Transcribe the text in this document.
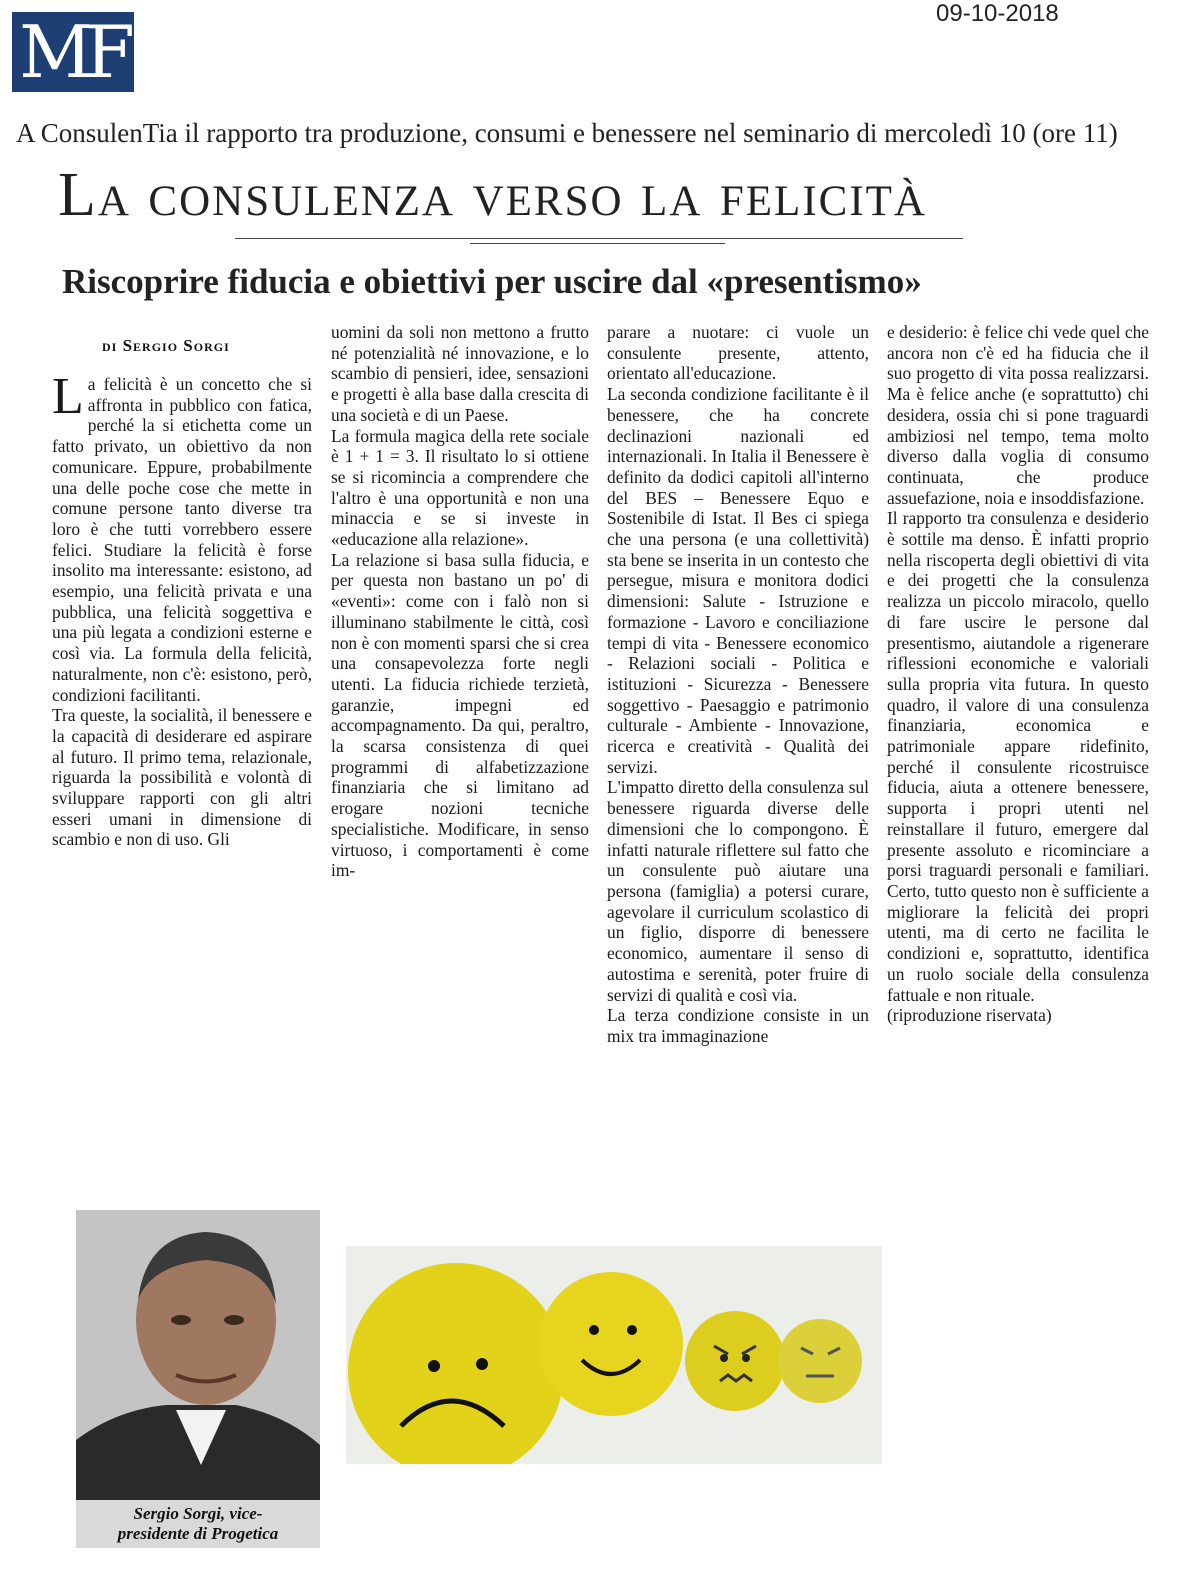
MF	09-10-2018
A ConsulenTia il rapporto tra produzione, consumi e benessere nel seminario di mercoledì 10 (ore 11)
La consulenza verso la felicità
Riscoprire fiducia e obiettivi per uscire dal «presentismo»
di Sergio Sorgi

La felicità è un concetto che si affronta in pubblico con fatica, perché la si etichetta come un fatto privato, un obiettivo da non comunicare. Eppure, probabilmente una delle poche cose che mette in comune persone tanto diverse tra loro è che tutti vorrebbero essere felici. Studiare la felicità è forse insolito ma interessante: esistono, ad esempio, una felicità privata e una pubblica, una felicità soggettiva e una più legata a condizioni esterne e così via. La formula della felicità, naturalmente, non c'è: esistono, però, condizioni facilitanti.

Tra queste, la socialità, il benessere e la capacità di desiderare ed aspirare al futuro. Il primo tema, relazionale, riguarda la possibilità e volontà di sviluppare rapporti con gli altri esseri umani in dimensione di scambio e non di uso. Gli

uomini da soli non mettono a frutto né potenzialità né innovazione, e lo scambio di pensieri, idee, sensazioni e progetti è alla base dalla crescita di una società e di un Paese.

La formula magica della rete sociale è 1 + 1 = 3. Il risultato lo si ottiene se si ricomincia a comprendere che l'altro è una opportunità e non una minaccia e se si investe in «educazione alla relazione».

La relazione si basa sulla fiducia, e per questa non bastano un po' di «eventi»: come con i falò non si illuminano stabilmente le città, così non è con momenti sparsi che si crea una consapevolezza forte negli utenti. La fiducia richiede terzietà, garanzie, impegni ed accompagnamento. Da qui, peraltro, la scarsa consistenza di quei programmi di alfabetizzazione finanziaria che si limitano ad erogare nozioni tecniche specialistiche. Modificare, in senso virtuoso, i comportamenti è come im-

parare a nuotare: ci vuole un consulente presente, attento, orientato all'educazione.

La seconda condizione facilitante è il benessere, che ha concrete declinazioni nazionali ed internazionali. In Italia il Benessere è definito da dodici capitoli all'interno del BES – Benessere Equo e Sostenibile di Istat. Il Bes ci spiega che una persona (e una collettività) sta bene se inserita in un contesto che persegue, misura e monitora dodici dimensioni: Salute - Istruzione e formazione - Lavoro e conciliazione tempi di vita - Benessere economico - Relazioni sociali - Politica e istituzioni - Sicurezza - Benessere soggettivo - Paesaggio e patrimonio culturale - Ambiente - Innovazione, ricerca e creatività - Qualità dei servizi.

L'impatto diretto della consulenza sul benessere riguarda diverse delle dimensioni che lo compongono. È infatti naturale riflettere sul fatto che un consulente può aiutare una persona (famiglia) a potersi curare, agevolare il curriculum scolastico di un figlio, disporre di benessere economico, aumentare il senso di autostima e serenità, poter fruire di servizi di qualità e così via.

La terza condizione consiste in un mix tra immaginazione

e desiderio: è felice chi vede quel che ancora non c'è ed ha fiducia che il suo progetto di vita possa realizzarsi. Ma è felice anche (e soprattutto) chi desidera, ossia chi si pone traguardi ambiziosi nel tempo, tema molto diverso dalla voglia di consumo continuata, che produce assuefazione, noia e insoddisfazione.

Il rapporto tra consulenza e desiderio è sottile ma denso. È infatti proprio nella riscoperta degli obiettivi di vita e dei progetti che la consulenza realizza un piccolo miracolo, quello di fare uscire le persone dal presentismo, aiutandole a rigenerare riflessioni economiche e valoriali sulla propria vita futura. In questo quadro, il valore di una consulenza finanziaria, economica e patrimoniale appare ridefinito, perché il consulente ricostruisce fiducia, aiuta a ottenere benessere, supporta i propri utenti nel reinstallare il futuro, emergere dal presente assoluto e ricominciare a porsi traguardi personali e familiari. Certo, tutto questo non è sufficiente a migliorare la felicità dei propri utenti, ma di certo ne facilita le condizioni e, soprattutto, identifica un ruolo sociale della consulenza fattuale e non rituale.

(riproduzione riservata)

Sergio Sorgi, vice-
presidente di Progetica
